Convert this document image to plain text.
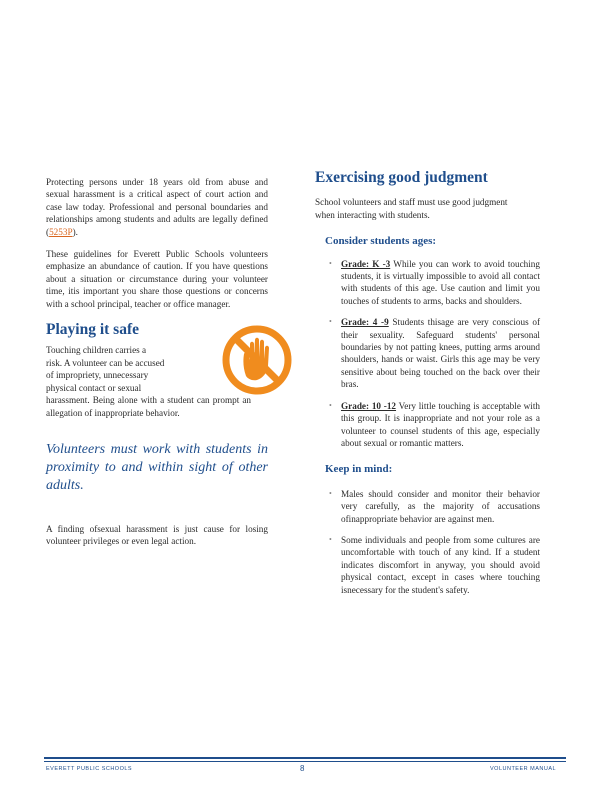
Protecting persons under 18 years old from abuse and sexual harassment is a critical aspect of court action and case law today. Professional and personal boundaries and relationships among students and adults are legally defined (5253P).

These guidelines for Everett Public Schools volunteers emphasize an abundance of caution. If you have questions about a situation or circumstance during your volunteer time, itis important you share those questions or concerns with a school principal, teacher or office manager.

Playing it safe
Touching children carries a
risk. A volunteer can be accused
of impropriety, unnecessary
physical contact or sexual
harassment. Being alone with a student can prompt an allegation of inappropriate behavior.

Volunteers must work with students in proximity to and within sight of other adults.

A finding ofsexual harassment is just cause for losing volunteer privileges or even legal action.

Exercising good judgment

School volunteers and staff must use good judgment when interacting with students.

Consider students ages:
• Grade: K -3 While you can work to avoid touching students, it is virtually impossible to avoid all contact with students of this age. Use caution and limit you touches of students to arms, backs and shoulders.
• Grade: 4 -9 Students thisage are very conscious of their sexuality. Safeguard students' personal boundaries by not patting knees, putting arms around shoulders, hands or waist. Girls this age may be very sensitive about being touched on the back over their bras.
• Grade: 10 -12 Very little touching is acceptable with this group. It is inappropriate and not your role as a volunteer to counsel students of this age, especially about sexual or romantic matters.
Keep in mind:
• Males should consider and monitor their behavior very carefully, as the majority of accusations ofinappropriate behavior are against men.
• Some individuals and people from some cultures are uncomfortable with touch of any kind. If a student indicates discomfort in anyway, you should avoid physical contact, except in cases where touching isnecessary for the student's safety.
EVERETT PUBLIC SCHOOLS	8	VOLUNTEER MANUAL
